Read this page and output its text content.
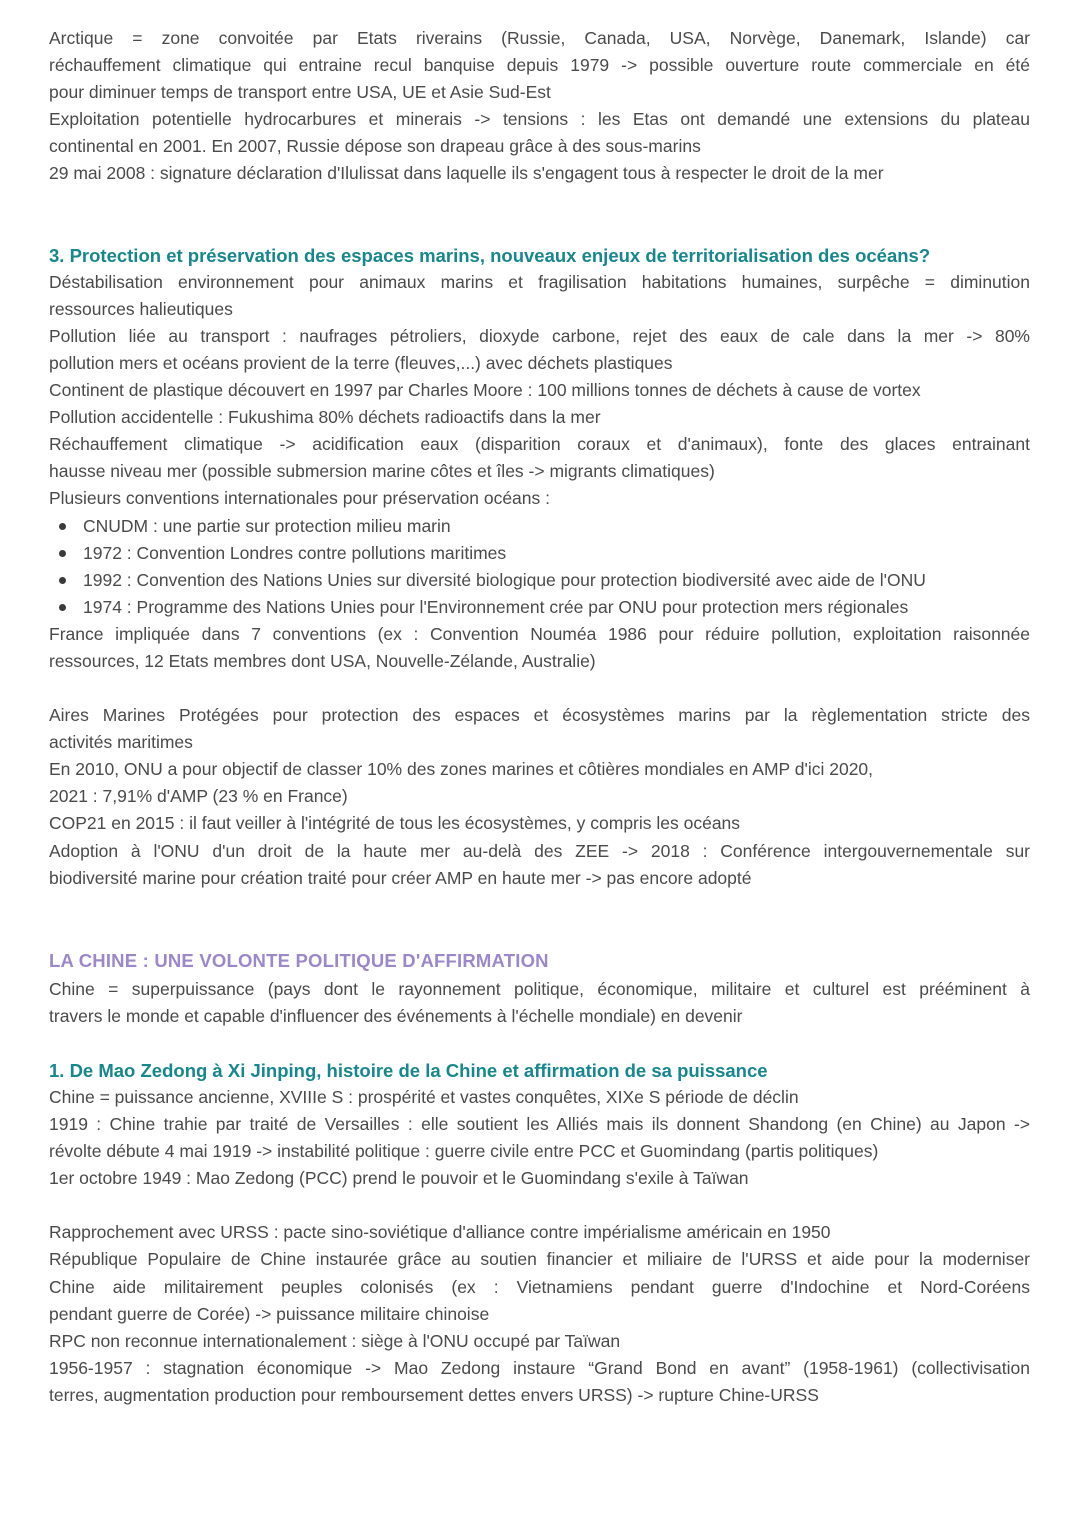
Arctique = zone convoitée par Etats riverains (Russie, Canada, USA, Norvège, Danemark, Islande) car
réchauffement climatique qui entraine recul banquise depuis 1979 -> possible ouverture route commerciale en été
pour diminuer temps de transport entre USA, UE et Asie Sud-Est
Exploitation potentielle hydrocarbures et minerais -> tensions : les Etas ont demandé une extensions du plateau
continental en 2001. En 2007, Russie dépose son drapeau grâce à des sous-marins
29 mai 2008 : signature déclaration d'Ilulissat dans laquelle ils s'engagent tous à respecter le droit de la mer
3. Protection et préservation des espaces marins, nouveaux enjeux de territorialisation des océans?
Déstabilisation environnement pour animaux marins et fragilisation habitations humaines, surpêche = diminution
ressources halieutiques
Pollution liée au transport : naufrages pétroliers, dioxyde carbone, rejet des eaux de cale dans la mer -> 80%
pollution mers et océans provient de la terre (fleuves,...) avec déchets plastiques
Continent de plastique découvert en 1997 par Charles Moore : 100 millions tonnes de déchets à cause de vortex
Pollution accidentelle : Fukushima 80% déchets radioactifs dans la mer
Réchauffement climatique -> acidification eaux (disparition coraux et d'animaux), fonte des glaces entrainant
hausse niveau mer (possible submersion marine côtes et îles -> migrants climatiques)
Plusieurs conventions internationales pour préservation océans :
CNUDM : une partie sur protection milieu marin
1972 : Convention Londres contre pollutions maritimes
1992 : Convention des Nations Unies sur diversité biologique pour protection biodiversité avec aide de l'ONU
1974 : Programme des Nations Unies pour l'Environnement crée par ONU pour protection mers régionales
France impliquée dans 7 conventions (ex : Convention Nouméa 1986 pour réduire pollution, exploitation raisonnée
ressources, 12 Etats membres dont USA, Nouvelle-Zélande, Australie)
Aires Marines Protégées pour protection des espaces et écosystèmes marins par la règlementation stricte des
activités maritimes
En 2010, ONU a pour objectif de classer 10% des zones marines et côtières mondiales en AMP d'ici 2020,
2021 : 7,91% d'AMP (23 % en France)
COP21 en 2015 : il faut veiller à l'intégrité de tous les écosystèmes, y compris les océans
Adoption à l'ONU d'un droit de la haute mer au-delà des ZEE -> 2018 : Conférence intergouvernementale sur
biodiversité marine pour création traité pour créer AMP en haute mer -> pas encore adopté
LA CHINE : UNE VOLONTE POLITIQUE D'AFFIRMATION
Chine = superpuissance (pays dont le rayonnement politique, économique, militaire et culturel est prééminent à
travers le monde et capable d'influencer des événements à l'échelle mondiale) en devenir
1. De Mao Zedong à Xi Jinping, histoire de la Chine et affirmation de sa puissance
Chine = puissance ancienne, XVIIIe S : prospérité et vastes conquêtes, XIXe S période de déclin
1919 : Chine trahie par traité de Versailles : elle soutient les Alliés mais ils donnent Shandong (en Chine) au Japon ->
révolte débute 4 mai 1919 -> instabilité politique : guerre civile entre PCC et Guomindang (partis politiques)
1er octobre 1949 : Mao Zedong (PCC) prend le pouvoir et le Guomindang s'exile à Taïwan
Rapprochement avec URSS : pacte sino-soviétique d'alliance contre impérialisme américain en 1950
République Populaire de Chine instaurée grâce au soutien financier et miliaire de l'URSS et aide pour la moderniser
Chine aide militairement peuples colonisés (ex : Vietnamiens pendant guerre d'Indochine et Nord-Coréens
pendant guerre de Corée) -> puissance militaire chinoise
RPC non reconnue internationalement : siège à l'ONU occupé par Taïwan
1956-1957 : stagnation économique -> Mao Zedong instaure “Grand Bond en avant” (1958-1961) (collectivisation
terres, augmentation production pour remboursement dettes envers URSS) -> rupture Chine-URSS
